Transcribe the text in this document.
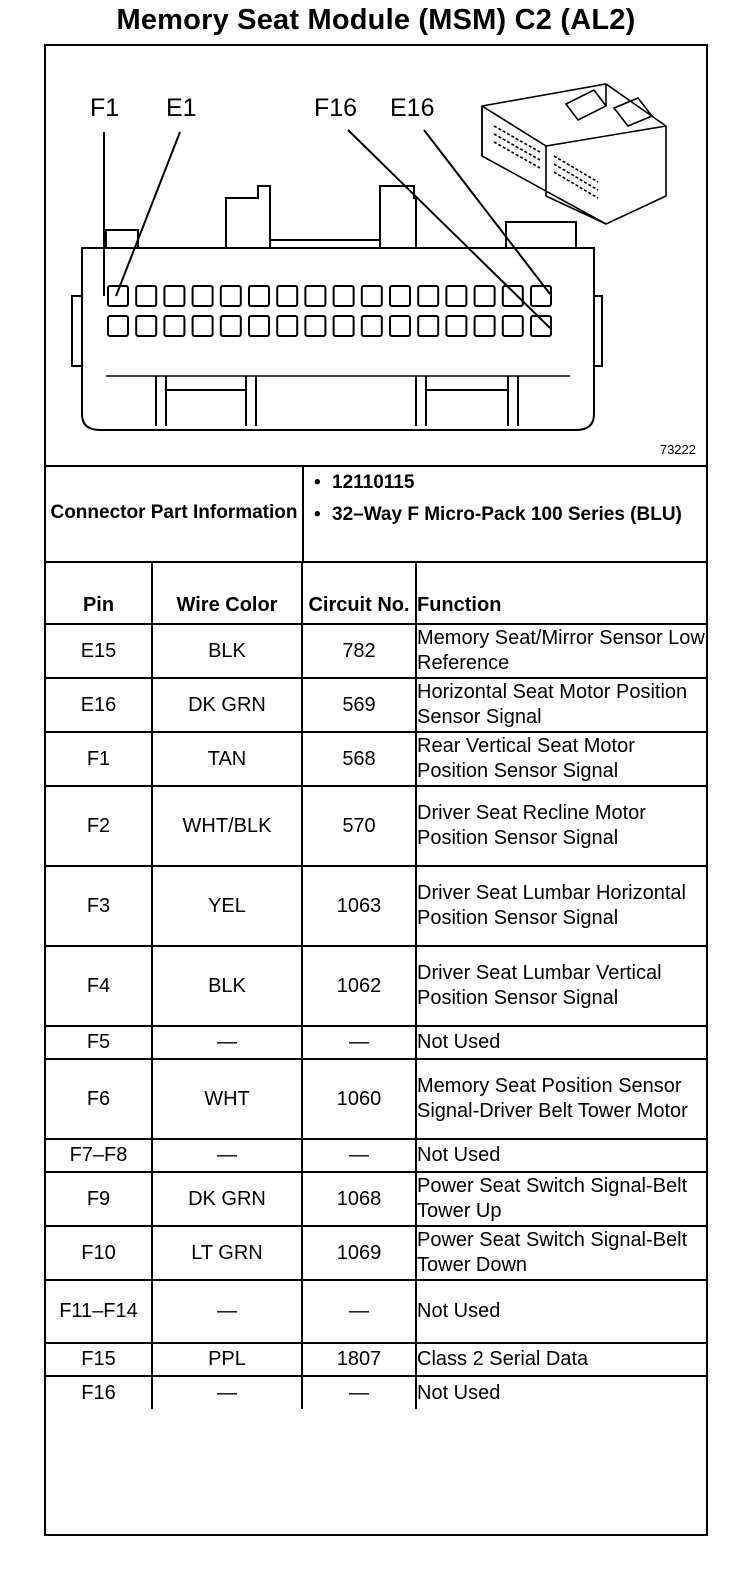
Memory Seat Module (MSM) C2 (AL2)
F1 E1	F16 E16
73222
Connector Part Information
• 12110115
• 32–Way F Micro-Pack 100 Series (BLU)
Pin	Wire Color	Circuit No.	Function
E15	BLK	782	Memory Seat/Mirror Sensor Low Reference
E16	DK GRN	569	Horizontal Seat Motor Position Sensor Signal
F1	TAN	568	Rear Vertical Seat Motor Position Sensor Signal
F2	WHT/BLK	570	Driver Seat Recline Motor Position Sensor Signal
F3	YEL	1063	Driver Seat Lumbar Horizontal Position Sensor Signal
F4	BLK	1062	Driver Seat Lumbar Vertical Position Sensor Signal
F5	—	—	Not Used
F6	WHT	1060	Memory Seat Position Sensor Signal-Driver Belt Tower Motor
F7–F8	—	—	Not Used
F9	DK GRN	1068	Power Seat Switch Signal-Belt Tower Up
F10	LT GRN	1069	Power Seat Switch Signal-Belt Tower Down
F11–F14	—	—	Not Used
F15	PPL	1807	Class 2 Serial Data
F16	—	—	Not Used
